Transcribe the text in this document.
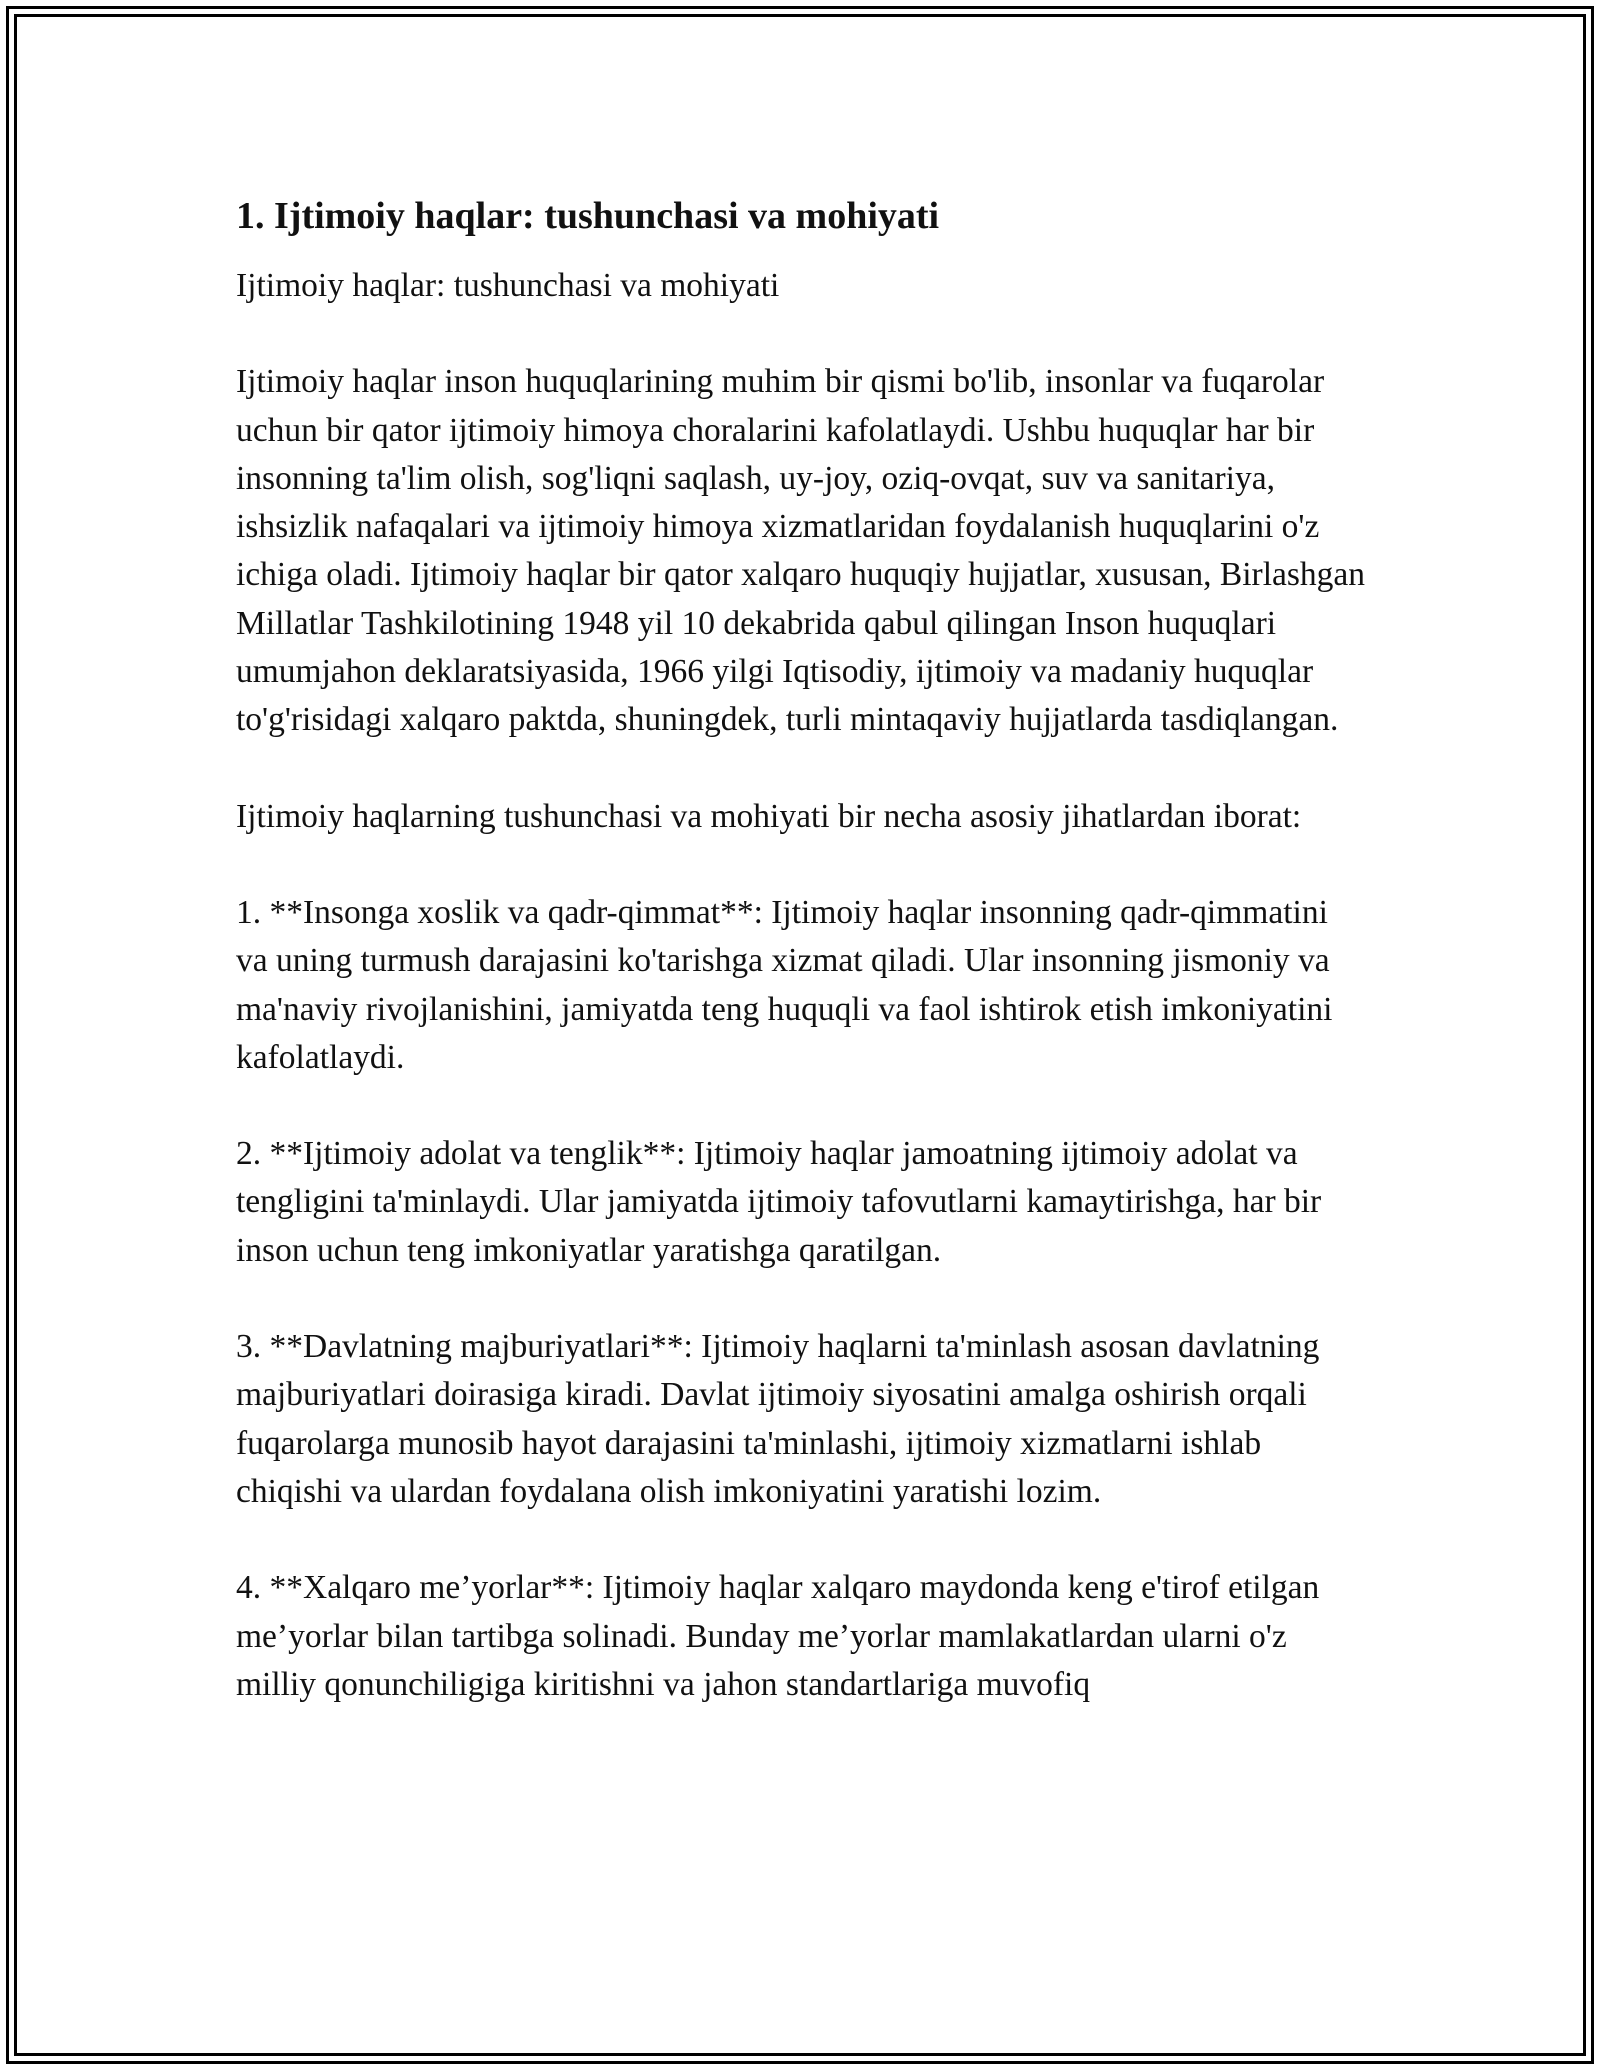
1. Ijtimoiy haqlar: tushunchasi va mohiyati

Ijtimoiy haqlar: tushunchasi va mohiyati

Ijtimoiy haqlar inson huquqlarining muhim bir qismi bo'lib, insonlar va fuqarolar uchun bir qator ijtimoiy himoya choralarini kafolatlaydi. Ushbu huquqlar har bir insonning ta'lim olish, sog'liqni saqlash, uy-joy, oziq-ovqat, suv va sanitariya, ishsizlik nafaqalari va ijtimoiy himoya xizmatlaridan foydalanish huquqlarini o'z ichiga oladi. Ijtimoiy haqlar bir qator xalqaro huquqiy hujjatlar, xususan, Birlashgan Millatlar Tashkilotining 1948 yil 10 dekabrida qabul qilingan Inson huquqlari umumjahon deklaratsiyasida, 1966 yilgi Iqtisodiy, ijtimoiy va madaniy huquqlar to'g'risidagi xalqaro paktda, shuningdek, turli mintaqaviy hujjatlarda tasdiqlangan.

Ijtimoiy haqlarning tushunchasi va mohiyati bir necha asosiy jihatlardan iborat:

1. **Insonga xoslik va qadr-qimmat**: Ijtimoiy haqlar insonning qadr-qimmatini va uning turmush darajasini ko'tarishga xizmat qiladi. Ular insonning jismoniy va ma'naviy rivojlanishini, jamiyatda teng huquqli va faol ishtirok etish imkoniyatini kafolatlaydi.

2. **Ijtimoiy adolat va tenglik**: Ijtimoiy haqlar jamoatning ijtimoiy adolat va tengligini ta'minlaydi. Ular jamiyatda ijtimoiy tafovutlarni kamaytirishga, har bir inson uchun teng imkoniyatlar yaratishga qaratilgan.

3. **Davlatning majburiyatlari**: Ijtimoiy haqlarni ta'minlash asosan davlatning majburiyatlari doirasiga kiradi. Davlat ijtimoiy siyosatini amalga oshirish orqali fuqarolarga munosib hayot darajasini ta'minlashi, ijtimoiy xizmatlarni ishlab chiqishi va ulardan foydalana olish imkoniyatini yaratishi lozim.

4. **Xalqaro me’yorlar**: Ijtimoiy haqlar xalqaro maydonda keng e'tirof etilgan me’yorlar bilan tartibga solinadi. Bunday me’yorlar mamlakatlardan ularni o'z milliy qonunchiligiga kiritishni va jahon standartlariga muvofiq
